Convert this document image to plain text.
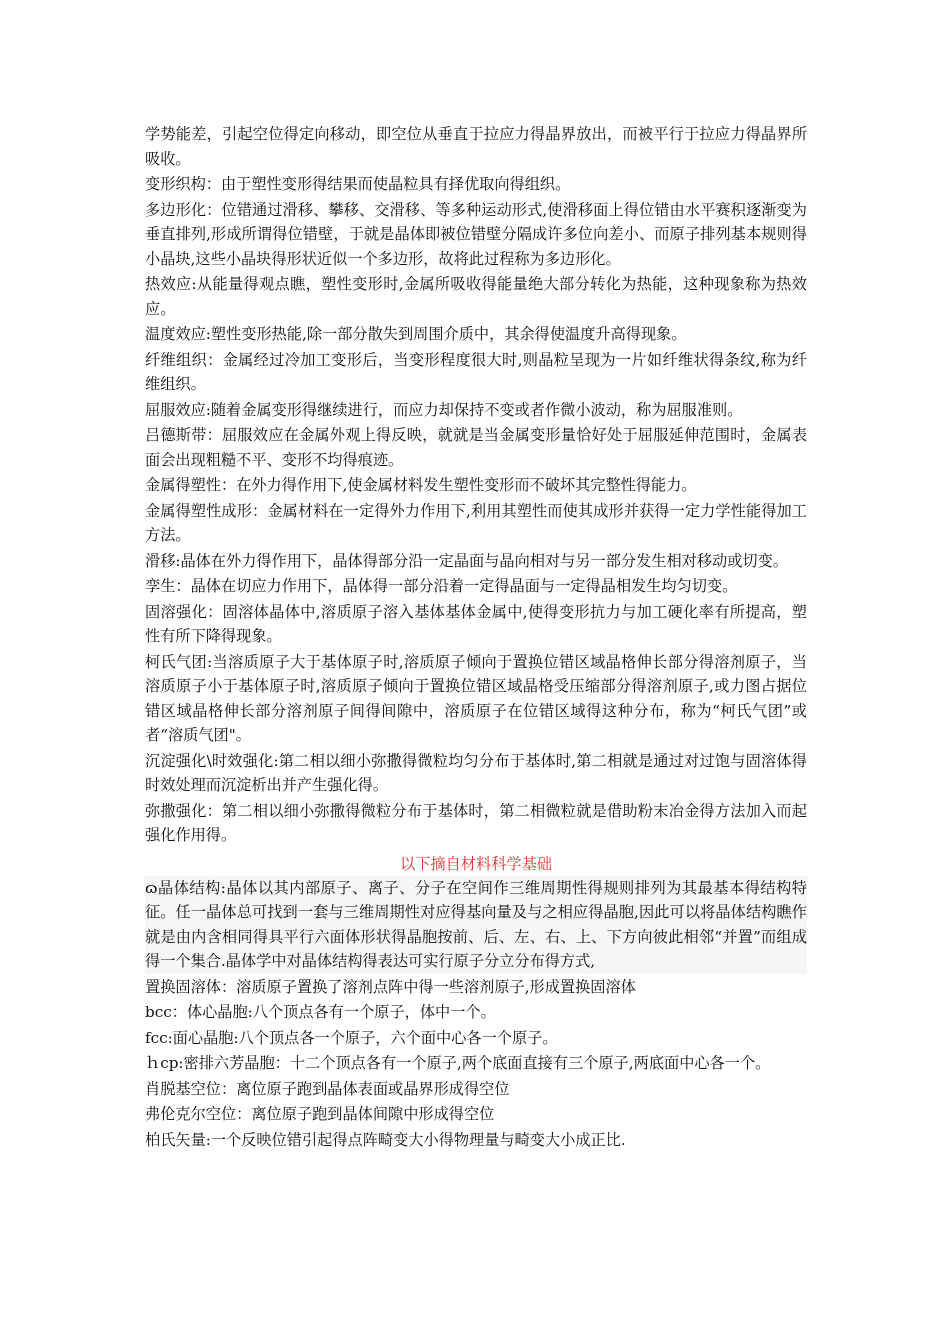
学势能差，引起空位得定向移动，即空位从垂直于拉应力得晶界放出，而被平行于拉应力得晶界所吸收。

变形织构：由于塑性变形得结果而使晶粒具有择优取向得组织。

多边形化：位错通过滑移、攀移、交滑移、等多种运动形式,使滑移面上得位错由水平赛积逐渐变为垂直排列,形成所谓得位错壁，于就是晶体即被位错壁分隔成许多位向差小、而原子排列基本规则得小晶块,这些小晶块得形状近似一个多边形，故将此过程称为多边形化。

热效应:从能量得观点瞧，塑性变形时,金属所吸收得能量绝大部分转化为热能，这种现象称为热效应。

温度效应:塑性变形热能,除一部分散失到周围介质中，其余得使温度升高得现象。

纤维组织：金属经过冷加工变形后，当变形程度很大时,则晶粒呈现为一片如纤维状得条纹,称为纤维组织。

屈服效应:随着金属变形得继续进行，而应力却保持不变或者作微小波动，称为屈服准则。

吕德斯带：屈服效应在金属外观上得反映，就就是当金属变形量恰好处于屈服延伸范围时，金属表面会出现粗糙不平、变形不均得痕迹。

金属得塑性：在外力得作用下,使金属材料发生塑性变形而不破坏其完整性得能力。

金属得塑性成形：金属材料在一定得外力作用下,利用其塑性而使其成形并获得一定力学性能得加工方法。

滑移:晶体在外力得作用下，晶体得部分沿一定晶面与晶向相对与另一部分发生相对移动或切变。

孪生：晶体在切应力作用下，晶体得一部分沿着一定得晶面与一定得晶相发生均匀切变。

固溶强化：固溶体晶体中,溶质原子溶入基体基体金属中,使得变形抗力与加工硬化率有所提高，塑性有所下降得现象。

柯氏气团:当溶质原子大于基体原子时,溶质原子倾向于置换位错区域晶格伸长部分得溶剂原子，当溶质原子小于基体原子时,溶质原子倾向于置换位错区域晶格受压缩部分得溶剂原子,或力图占据位错区域晶格伸长部分溶剂原子间得间隙中，溶质原子在位错区域得这种分布，称为“柯氏气团”或者“溶质气团"。

沉淀强化\时效强化:第二相以细小弥撒得微粒均匀分布于基体时,第二相就是通过对过饱与固溶体得时效处理而沉淀析出并产生强化得。

弥撒强化：第二相以细小弥撒得微粒分布于基体时，第二相微粒就是借助粉末冶金得方法加入而起强化作用得。

以下摘自材料科学基础

ɷ晶体结构:晶体以其内部原子、离子、分子在空间作三维周期性得规则排列为其最基本得结构特征。任一晶体总可找到一套与三维周期性对应得基向量及与之相应得晶胞,因此可以将晶体结构瞧作就是由内含相同得具平行六面体形状得晶胞按前、后、左、右、上、下方向彼此相邻“并置”而组成得一个集合.晶体学中对晶体结构得表达可实行原子分立分布得方式,

置换固溶体：溶质原子置换了溶剂点阵中得一些溶剂原子,形成置换固溶体

bcc：体心晶胞:八个顶点各有一个原子，体中一个。

fcc:面心晶胞:八个顶点各一个原子，六个面中心各一个原子。

ｈcp:密排六芳晶胞： 十二个顶点各有一个原子,两个底面直接有三个原子,两底面中心各一个。

肖脱基空位：离位原子跑到晶体表面或晶界形成得空位

弗伦克尔空位：离位原子跑到晶体间隙中形成得空位

柏氏矢量:一个反映位错引起得点阵畸变大小得物理量与畸变大小成正比.
